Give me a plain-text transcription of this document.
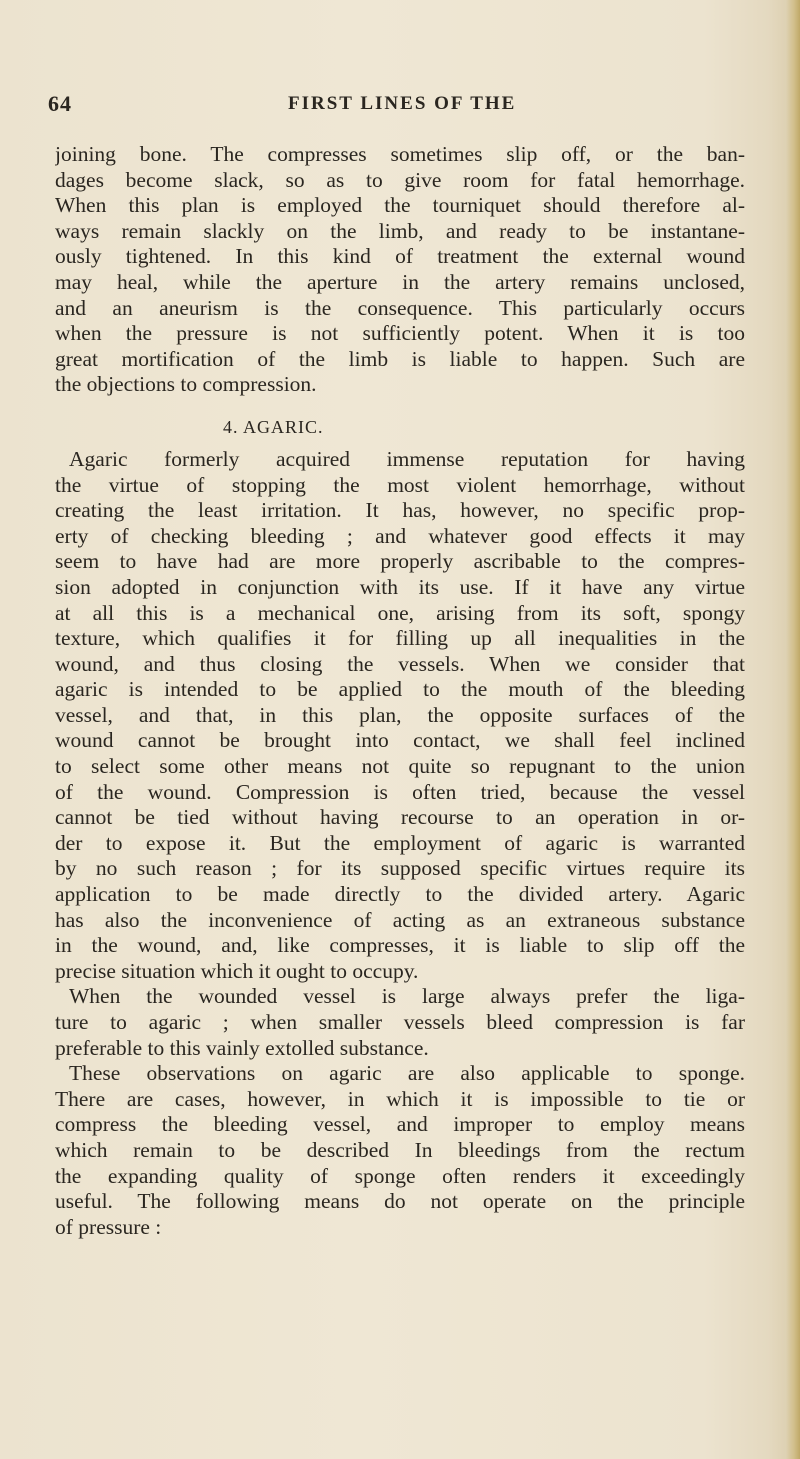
64	FIRST LINES OF THE
joining bone. The compresses sometimes slip off, or the ban-
dages become slack, so as to give room for fatal hemorrhage.
When this plan is employed the tourniquet should therefore al-
ways remain slackly on the limb, and ready to be instantane-
ously tightened. In this kind of treatment the external wound
may heal, while the aperture in the artery remains unclosed,
and an aneurism is the consequence. This particularly occurs
when the pressure is not sufficiently potent. When it is too
great mortification of the limb is liable to happen. Such are
the objections to compression.
4. AGARIC.
Agaric formerly acquired immense reputation for having
the virtue of stopping the most violent hemorrhage, without
creating the least irritation. It has, however, no specific prop-
erty of checking bleeding ; and whatever good effects it may
seem to have had are more properly ascribable to the compres-
sion adopted in conjunction with its use. If it have any virtue
at all this is a mechanical one, arising from its soft, spongy
texture, which qualifies it for filling up all inequalities in the
wound, and thus closing the vessels. When we consider that
agaric is intended to be applied to the mouth of the bleeding
vessel, and that, in this plan, the opposite surfaces of the
wound cannot be brought into contact, we shall feel inclined
to select some other means not quite so repugnant to the union
of the wound. Compression is often tried, because the vessel
cannot be tied without having recourse to an operation in or-
der to expose it. But the employment of agaric is warranted
by no such reason ; for its supposed specific virtues require its
application to be made directly to the divided artery. Agaric
has also the inconvenience of acting as an extraneous substance
in the wound, and, like compresses, it is liable to slip off the
precise situation which it ought to occupy.
When the wounded vessel is large always prefer the liga-
ture to agaric ; when smaller vessels bleed compression is far
preferable to this vainly extolled substance.
These observations on agaric are also applicable to sponge.
There are cases, however, in which it is impossible to tie or
compress the bleeding vessel, and improper to employ means
which remain to be described In bleedings from the rectum
the expanding quality of sponge often renders it exceedingly
useful. The following means do not operate on the principle
of pressure :
